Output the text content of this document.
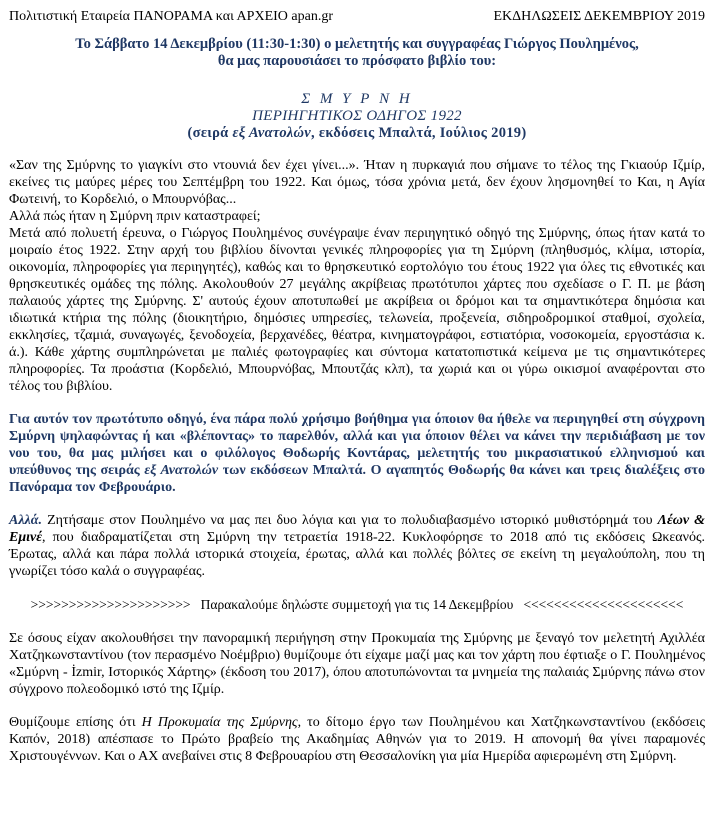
Πολιτιστική Εταιρεία ΠΑΝΟΡΑΜΑ και ΑΡΧΕΙΟ apan.gr	ΕΚΔΗΛΩΣΕΙΣ ΔΕΚΕΜΒΡΙΟΥ 2019
Το Σάββατο 14 Δεκεμβρίου (11:30-1:30) ο μελετητής και συγγραφέας Γιώργος Πουλημένος,
θα μας παρουσιάσει το πρόσφατο βιβλίο του:
Σ Μ Υ Ρ Ν Η
ΠΕΡΙΗΓΗΤΙΚΟΣ ΟΔΗΓΟΣ 1922
(σειρά εξ Ανατολών, εκδόσεις Μπαλτά, Ιούλιος 2019)

«Σαν της Σμύρνης το γιαγκίνι στο ντουνιά δεν έχει γίνει...». Ήταν η πυρκαγιά που σήμανε το τέλος της Γκιαούρ Ιζμίρ, εκείνες τις μαύρες μέρες του Σεπτέμβρη του 1922. Και όμως, τόσα χρόνια μετά, δεν έχουν λησμονηθεί το Και, η Αγία Φωτεινή, το Κορδελιό, ο Μπουρνόβας...
Αλλά πώς ήταν η Σμύρνη πριν καταστραφεί;
Μετά από πολυετή έρευνα, ο Γιώργος Πουλημένος συνέγραψε έναν περιηγητικό οδηγό της Σμύρνης, όπως ήταν κατά το μοιραίο έτος 1922. Στην αρχή του βιβλίου δίνονται γενικές πληροφορίες για τη Σμύρνη (πληθυσμός, κλίμα, ιστορία, οικονομία, πληροφορίες για περιηγητές), καθώς και το θρησκευτικό εορτολόγιο του έτους 1922 για όλες τις εθνοτικές και θρησκευτικές ομάδες της πόλης. Ακολουθούν 27 μεγάλης ακρίβειας πρωτότυποι χάρτες που σχεδίασε ο Γ. Π. με βάση παλαιούς χάρτες της Σμύρνης. Σ' αυτούς έχουν αποτυπωθεί με ακρίβεια οι δρόμοι και τα σημαντικότερα δημόσια και ιδιωτικά κτήρια της πόλης (διοικητήριο, δημόσιες υπηρεσίες, τελωνεία, προξενεία, σιδηροδρομικοί σταθμοί, σχολεία, εκκλησίες, τζαμιά, συναγωγές, ξενοδοχεία, βερχανέδες, θέατρα, κινηματογράφοι, εστιατόρια, νοσοκομεία, εργοστάσια κ. ά.). Κάθε χάρτης συμπληρώνεται με παλιές φωτογραφίες και σύντομα κατατοπιστικά κείμενα με τις σημαντικότερες πληροφορίες. Τα προάστια (Κορδελιό, Μπουρνόβας, Μπουτζάς κλπ), τα χωριά και οι γύρω οικισμοί αναφέρονται στο τέλος του βιβλίου.

Για αυτόν τον πρωτότυπο οδηγό, ένα πάρα πολύ χρήσιμο βοήθημα για όποιον θα ήθελε να περιηγηθεί στη σύγχρονη Σμύρνη ψηλαφώντας ή και «βλέποντας» το παρελθόν, αλλά και για όποιον θέλει να κάνει την περιδιάβαση με τον νου του, θα μας μιλήσει και ο φιλόλογος Θοδωρής Κοντάρας, μελετητής του μικρασιατικού ελληνισμού και υπεύθυνος της σειράς εξ Ανατολών των εκδόσεων Μπαλτά. Ο αγαπητός Θοδωρής θα κάνει και τρεις διαλέξεις στο Πανόραμα τον Φεβρουάριο.

Αλλά. Ζητήσαμε στον Πουλημένο να μας πει δυο λόγια και για το πολυδιαβασμένο ιστορικό μυθιστόρημά του Λέων & Εμινέ, που διαδραματίζεται στη Σμύρνη την τετραετία 1918-22. Κυκλοφόρησε το 2018 από τις εκδόσεις Ωκεανός. Έρωτας, αλλά και πάρα πολλά ιστορικά στοιχεία, έρωτας, αλλά και πολλές βόλτες σε εκείνη τη μεγαλούπολη, που τη γνωρίζει τόσο καλά ο συγγραφέας.

>>>>>>>>>>>>>>>>>>>>> Παρακαλούμε δηλώστε συμμετοχή για τις 14 Δεκεμβρίου <<<<<<<<<<<<<<<<<<<<<

Σε όσους είχαν ακολουθήσει την πανοραμική περιήγηση στην Προκυμαία της Σμύρνης με ξεναγό τον μελετητή Αχιλλέα Χατζηκωνσταντίνου (τον περασμένο Νοέμβριο) θυμίζουμε ότι είχαμε μαζί μας και τον χάρτη που έφτιαξε ο Γ. Πουλημένος «Σμύρνη - İzmir, Ιστορικός Χάρτης» (έκδοση του 2017), όπου αποτυπώνονται τα μνημεία της παλαιάς Σμύρνης πάνω στον σύγχρονο πολεοδομικό ιστό της Ιζμίρ.

Θυμίζουμε επίσης ότι Η Προκυμαία της Σμύρνης, το δίτομο έργο των Πουλημένου και Χατζηκωνσταντίνου (εκδόσεις Καπόν, 2018) απέσπασε το Πρώτο βραβείο της Ακαδημίας Αθηνών για το 2019. Η απονομή θα γίνει παραμονές Χριστουγέννων. Και ο ΑΧ ανεβαίνει στις 8 Φεβρουαρίου στη Θεσσαλονίκη για μία Ημερίδα αφιερωμένη στη Σμύρνη.
